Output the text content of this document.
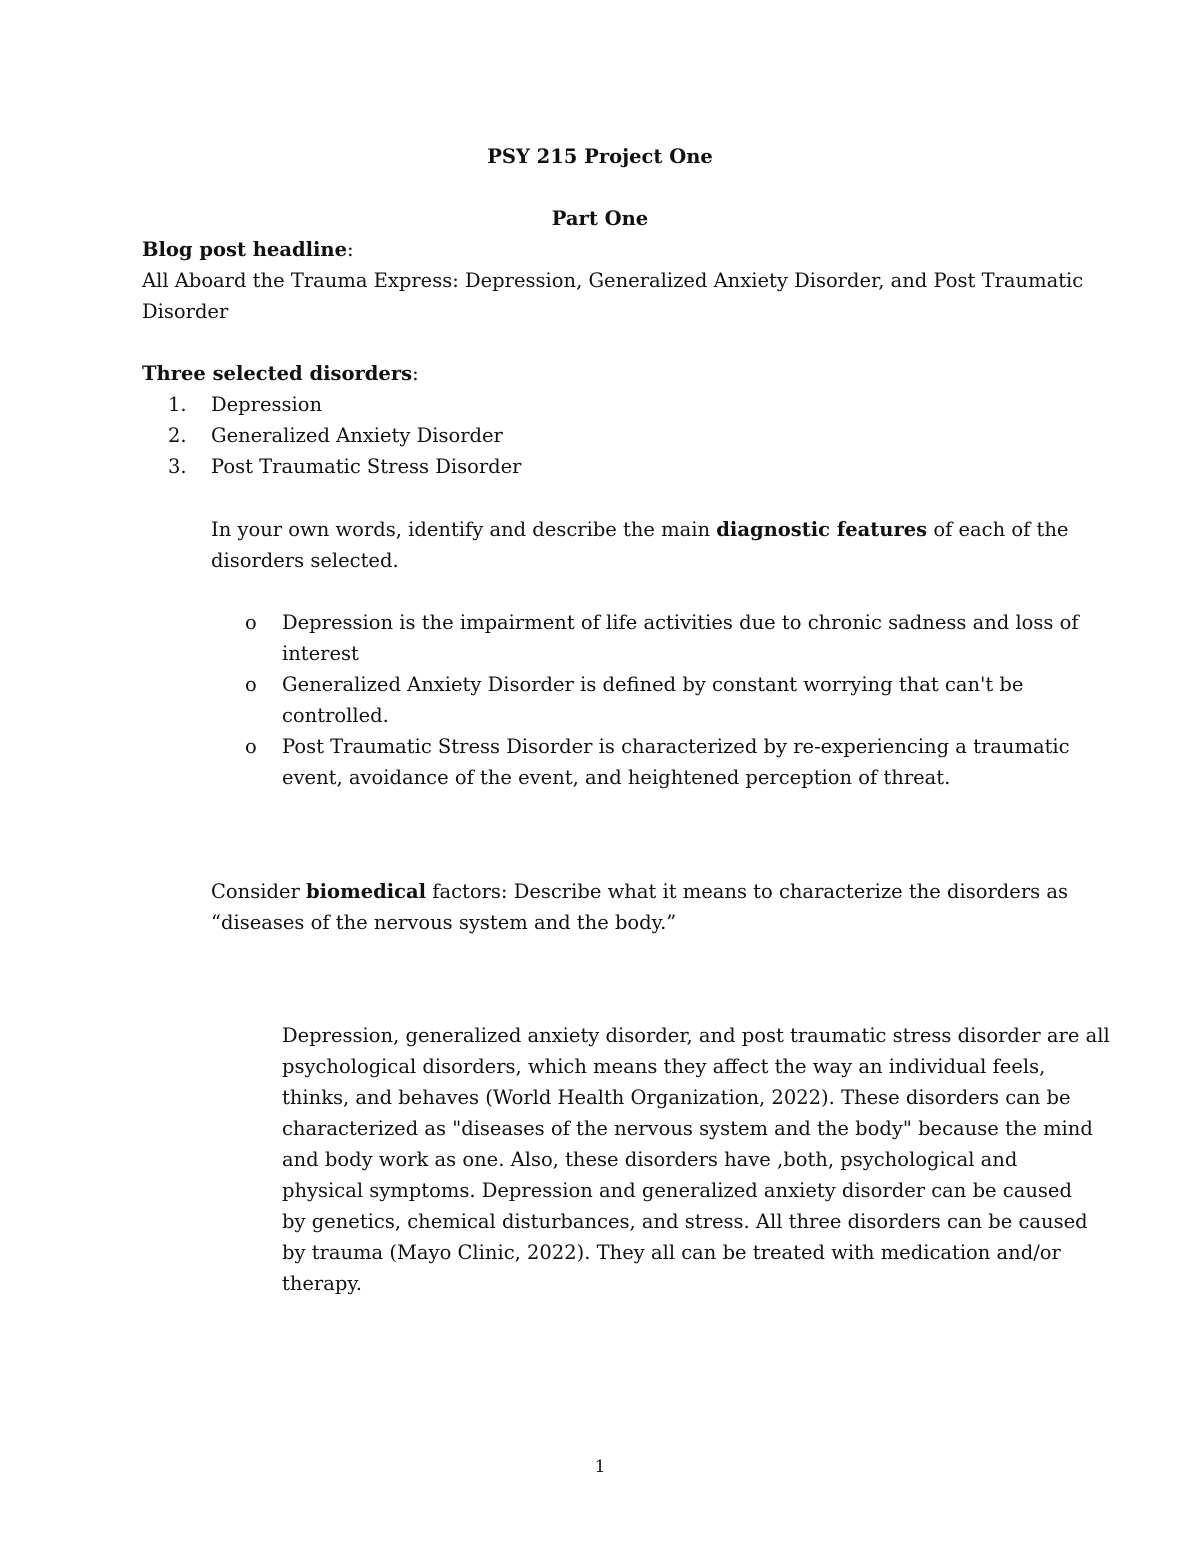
PSY 215 Project One
Part One
Blog post headline:
All Aboard the Trauma Express: Depression, Generalized Anxiety Disorder, and Post Traumatic
Disorder
Three selected disorders:
1. Depression
2. Generalized Anxiety Disorder
3. Post Traumatic Stress Disorder
In your own words, identify and describe the main diagnostic features of each of the
disorders selected.
o Depression is the impairment of life activities due to chronic sadness and loss of
interest
o Generalized Anxiety Disorder is defined by constant worrying that can't be
controlled.
o Post Traumatic Stress Disorder is characterized by re-experiencing a traumatic
event, avoidance of the event, and heightened perception of threat.
Consider biomedical factors: Describe what it means to characterize the disorders as
“diseases of the nervous system and the body.”
Depression, generalized anxiety disorder, and post traumatic stress disorder are all
psychological disorders, which means they affect the way an individual feels,
thinks, and behaves (World Health Organization, 2022). These disorders can be
characterized as "diseases of the nervous system and the body" because the mind
and body work as one. Also, these disorders have ,both, psychological and
physical symptoms. Depression and generalized anxiety disorder can be caused
by genetics, chemical disturbances, and stress. All three disorders can be caused
by trauma (Mayo Clinic, 2022). They all can be treated with medication and/or
therapy.
1
